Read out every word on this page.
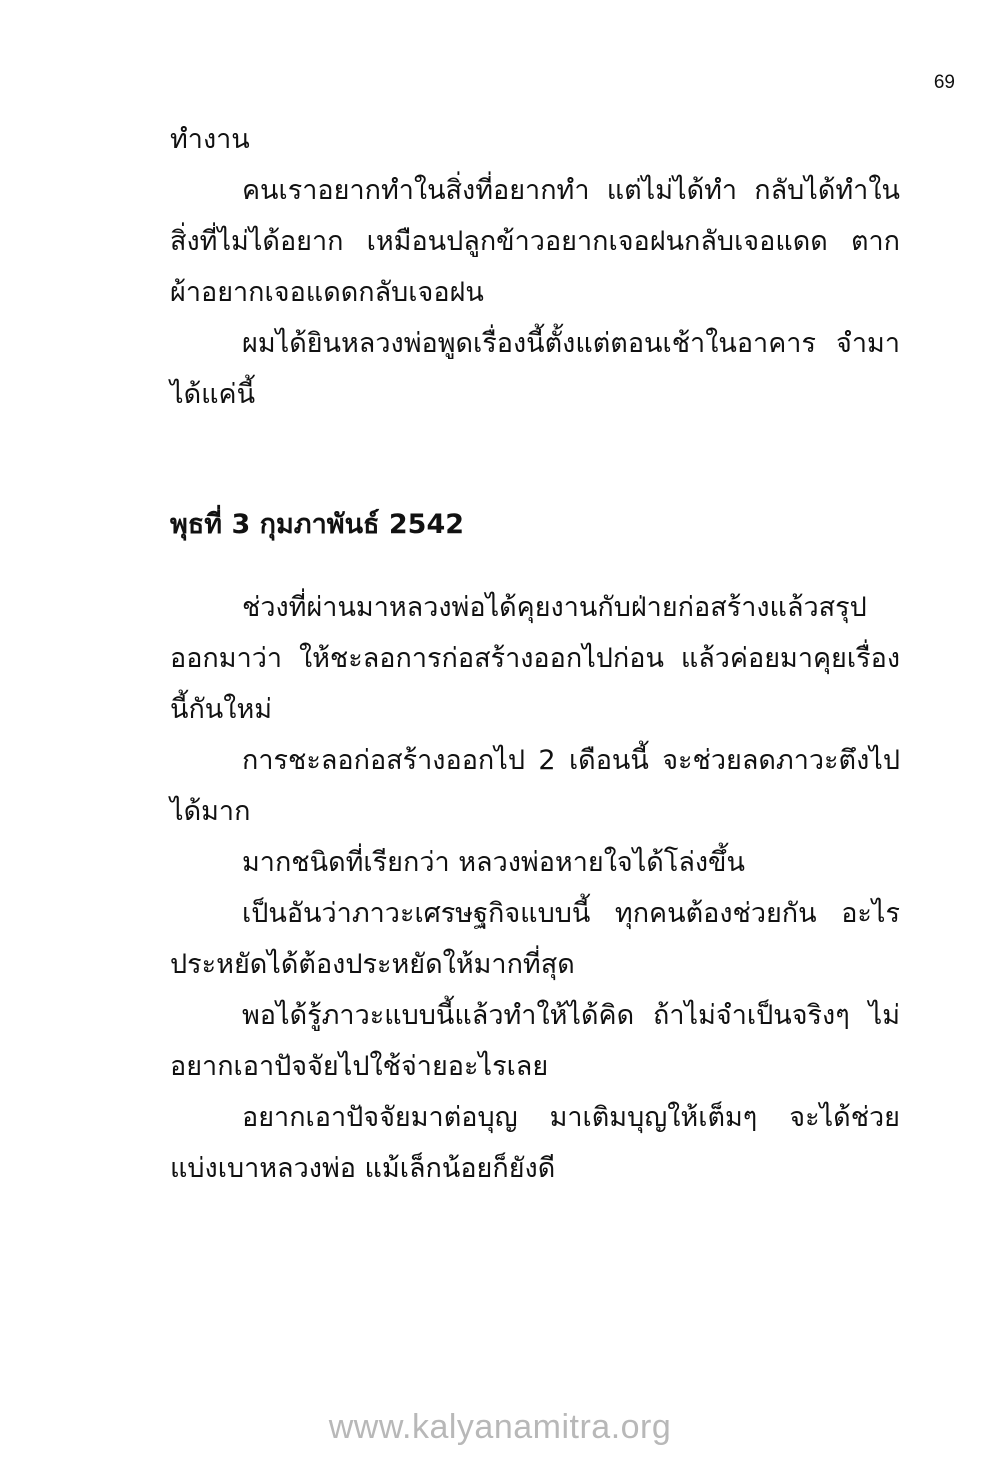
69

ทำงาน

คนเราอยากทำในสิ่งที่อยากทำ แต่ไม่ได้ทำ กลับได้ทำในสิ่งที่ไม่ได้อยาก เหมือนปลูกข้าวอยากเจอฝนกลับเจอแดด ตากผ้าอยากเจอแดดกลับเจอฝน

ผมได้ยินหลวงพ่อพูดเรื่องนี้ตั้งแต่ตอนเช้าในอาคาร จำมาได้แค่นี้

พุธที่ 3 กุมภาพันธ์ 2542

ช่วงที่ผ่านมาหลวงพ่อได้คุยงานกับฝ่ายก่อสร้างแล้วสรุปออกมาว่า ให้ชะลอการก่อสร้างออกไปก่อน แล้วค่อยมาคุยเรื่องนี้กันใหม่

การชะลอก่อสร้างออกไป 2 เดือนนี้ จะช่วยลดภาวะตึงไปได้มาก

มากชนิดที่เรียกว่า หลวงพ่อหายใจได้โล่งขึ้น

เป็นอันว่าภาวะเศรษฐกิจแบบนี้ ทุกคนต้องช่วยกัน อะไรประหยัดได้ต้องประหยัดให้มากที่สุด

พอได้รู้ภาวะแบบนี้แล้วทำให้ได้คิด ถ้าไม่จำเป็นจริงๆ ไม่อยากเอาปัจจัยไปใช้จ่ายอะไรเลย

อยากเอาปัจจัยมาต่อบุญ มาเติมบุญให้เต็มๆ จะได้ช่วยแบ่งเบาหลวงพ่อ แม้เล็กน้อยก็ยังดี

www.kalyanamitra.org
